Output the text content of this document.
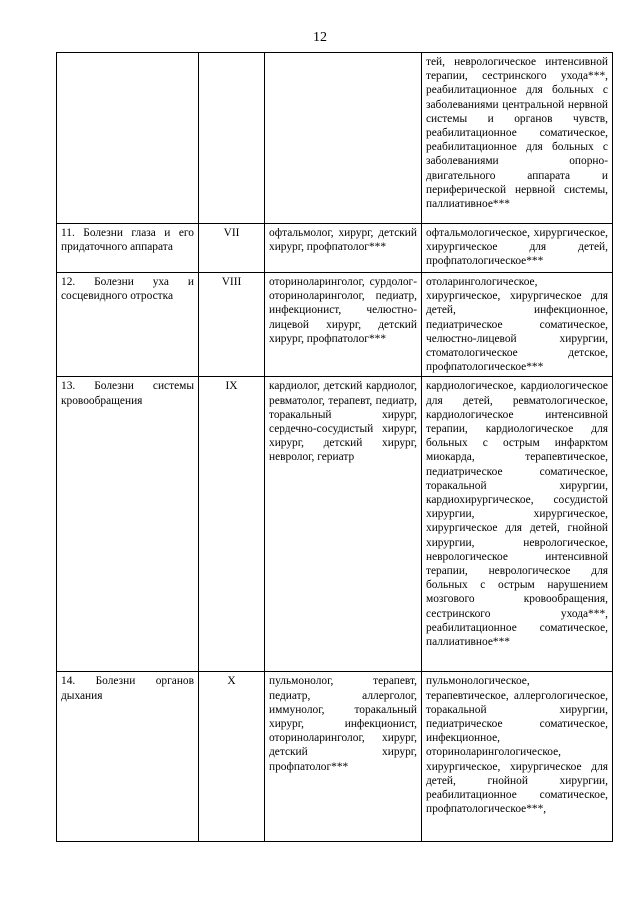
12

			тей, неврологическое интенсивной терапии, сестринского ухода***, реабилитационное для больных с заболеваниями центральной нервной системы и органов чувств, реабилитационное соматическое, реабилитационное для больных с заболеваниями опорно-двигательного аппарата и периферической нервной системы, паллиативное***

11. Болезни глаза и его придаточного аппарата	VII	офтальмолог, хирург, детский хирург, профпатолог***	офтальмологическое, хирургическое, хирургическое для детей, профпатологическое***

12. Болезни уха и сосцевидного отростка	VIII	оториноларинголог, сурдолог-оториноларинголог, педиатр, инфекционист, челюстно-лицевой хирург, детский хирург, профпатолог***	отоларингологическое, хирургическое, хирургическое для детей, инфекционное, педиатрическое соматическое, челюстно-лицевой хирургии, стоматологическое детское, профпатологическое***

13. Болезни системы кровообращения	IX	кардиолог, детский кардиолог, ревматолог, терапевт, педиатр, торакальный хирург, сердечно-сосудистый хирург, хирург, детский хирург, невролог, гериатр	кардиологическое, кардиологическое для детей, ревматологическое, кардиологическое интенсивной терапии, кардиологическое для больных с острым инфарктом миокарда, терапевтическое, педиатрическое соматическое, торакальной хирургии, кардиохирургическое, сосудистой хирургии, хирургическое, хирургическое для детей, гнойной хирургии, неврологическое, неврологическое интенсивной терапии, неврологическое для больных с острым нарушением мозгового кровообращения, сестринского ухода***, реабилитационное соматическое, паллиативное***

14. Болезни органов дыхания	X	пульмонолог, терапевт, педиатр, аллерголог, иммунолог, торакальный хирург, инфекционист, оториноларинголог, хирург, детский хирург, профпатолог***	пульмонологическое, терапевтическое, аллергологическое, торакальной хирургии, педиатрическое соматическое, инфекционное, оториноларингологическое, хирургическое, хирургическое для детей, гнойной хирургии, реабилитационное соматическое, профпатологическое***,
